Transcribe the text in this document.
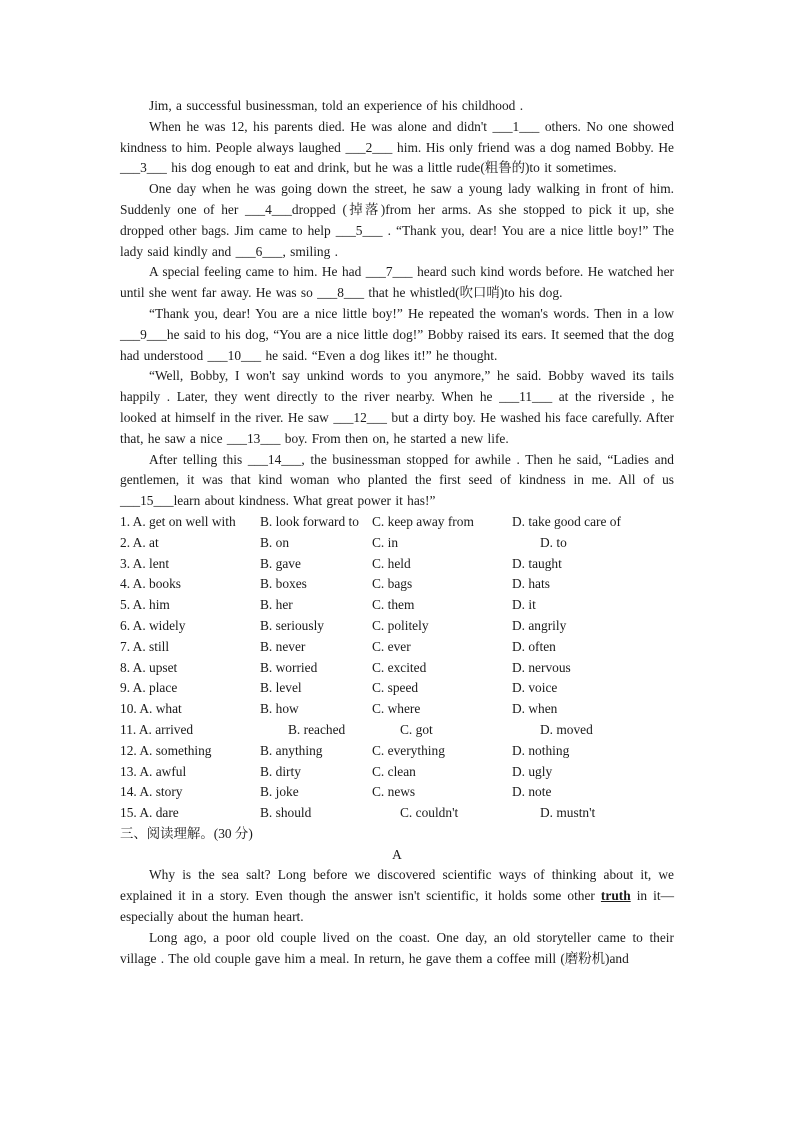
Jim, a successful businessman, told an experience of his childhood .

When he was 12, his parents died. He was alone and didn't ___1___ others. No one showed kindness to him. People always laughed ___2___ him. His only friend was a dog named Bobby. He ___3___ his dog enough to eat and drink, but he was a little rude(粗鲁的)to it sometimes.

One day when he was going down the street, he saw a young lady walking in front of him. Suddenly one of her ___4___dropped (掉落)from her arms. As she stopped to pick it up, she dropped other bags. Jim came to help ___5___ . “Thank you, dear! You are a nice little boy!” The lady said kindly and ___6___, smiling .

A special feeling came to him. He had ___7___ heard such kind words before. He watched her until she went far away. He was so ___8___ that he whistled(吹口哨)to his dog.

“Thank you, dear! You are a nice little boy!” He repeated the woman's words. Then in a low ___9___he said to his dog, “You are a nice little dog!” Bobby raised its ears. It seemed that the dog had understood ___10___ he said. “Even a dog likes it!” he thought.

“Well, Bobby, I won't say unkind words to you anymore,” he said. Bobby waved its tails happily . Later, they went directly to the river nearby. When he ___11___ at the riverside , he looked at himself in the river. He saw ___12___ but a dirty boy. He washed his face carefully. After that, he saw a nice ___13___ boy. From then on, he started a new life.

After telling this ___14___, the businessman stopped for awhile . Then he said, “Ladies and gentlemen, it was that kind woman who planted the first seed of kindness in me. All of us ___15___learn about kindness. What great power it has!”

1. A. get on well with B. look forward to C. keep away from	D. take good care of
2. A. at	B. on	C. in	D. to
3. A. lent	B. gave	C. held	D. taught
4. A. books	B. boxes	C. bags	D. hats
5. A. him	B. her	C. them	D. it
6. A. widely	B. seriously	C. politely	D. angrily
7. A. still	B. never	C. ever	D. often
8. A. upset	B. worried	C. excited	D. nervous
9. A. place	B. level	C. speed	D. voice
10. A. what	B. how	C. where	D. when
11. A. arrived	B. reached	C. got	D. moved
12. A. something	B. anything	C. everything	D. nothing
13. A. awful	B. dirty	C. clean	D. ugly
14. A. story	B. joke	C. news	D. note
15. A. dare	B. should	C. couldn't	D. mustn't
三、阅读理解。(30 分)
A

Why is the sea salt? Long before we discovered scientific ways of thinking about it, we explained it in a story. Even though the answer isn't scientific, it holds some other truth in it—especially about the human heart.

Long ago, a poor old couple lived on the coast. One day, an old storyteller came to their village . The old couple gave him a meal. In return, he gave them a coffee mill (磨粉机)and
